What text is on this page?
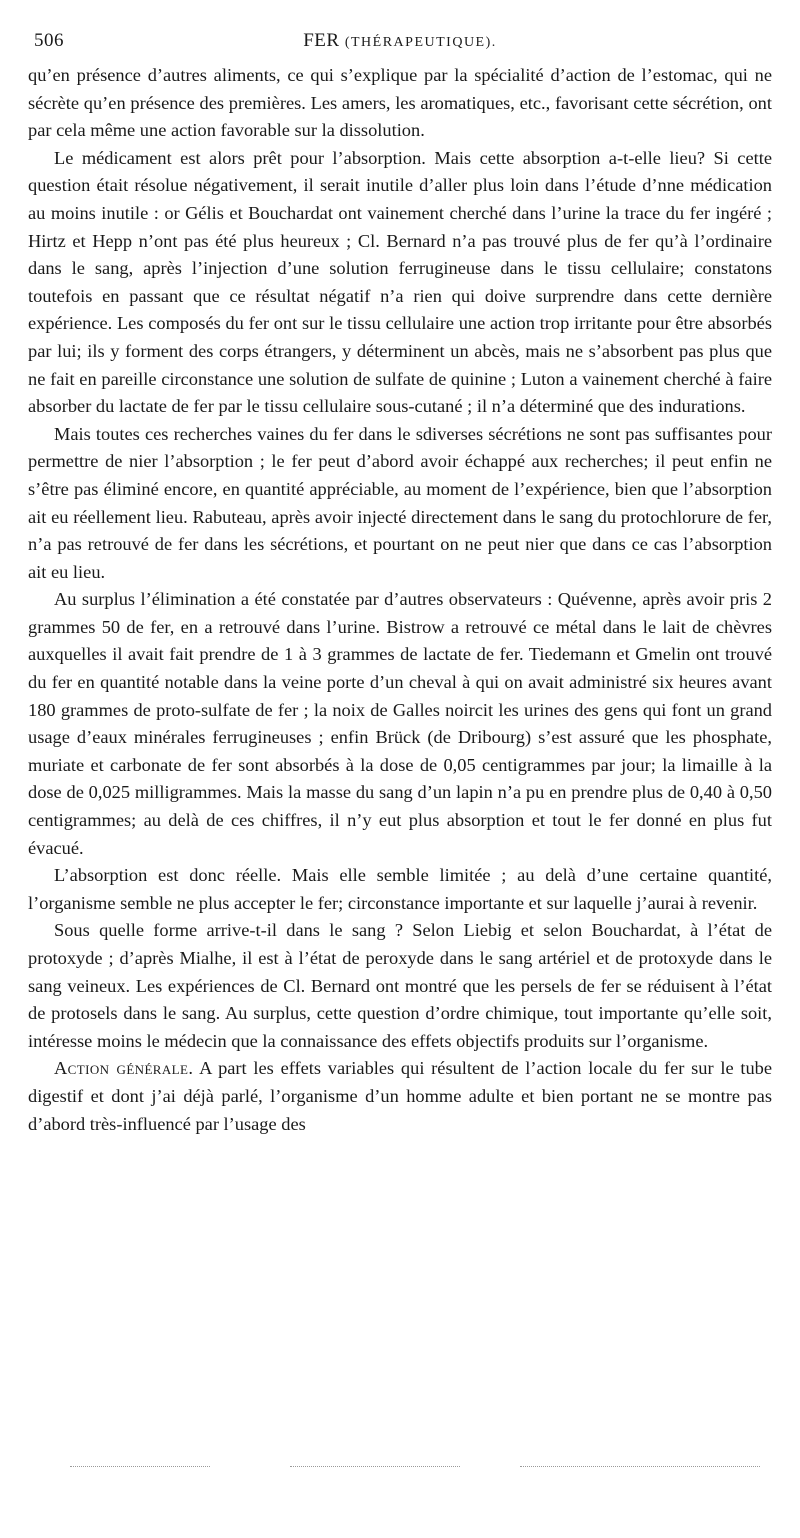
506	FER (THÉRAPEUTIQUE).

qu’en présence d’autres aliments, ce qui s’explique par la spécialité d’action de l’estomac, qui ne sécrète qu’en présence des premières. Les amers, les aromatiques, etc., favorisant cette sécrétion, ont par cela même une action favorable sur la dissolution.

Le médicament est alors prêt pour l’absorption. Mais cette absorption a-t-elle lieu? Si cette question était résolue négativement, il serait inutile d’aller plus loin dans l’étude d’nne médication au moins inutile : or Gélis et Bouchardat ont vainement cherché dans l’urine la trace du fer ingéré ; Hirtz et Hepp n’ont pas été plus heureux ; Cl. Bernard n’a pas trouvé plus de fer qu’à l’ordinaire dans le sang, après l’injection d’une solution ferrugineuse dans le tissu cellulaire; constatons toutefois en passant que ce résultat négatif n’a rien qui doive surprendre dans cette dernière expérience. Les composés du fer ont sur le tissu cellulaire une action trop irritante pour être absorbés par lui; ils y forment des corps étrangers, y déterminent un abcès, mais ne s’absorbent pas plus que ne fait en pareille circonstance une solution de sulfate de quinine ; Luton a vainement cherché à faire absorber du lactate de fer par le tissu cellulaire sous-cutané ; il n’a déterminé que des indurations.

Mais toutes ces recherches vaines du fer dans le sdiverses sécrétions ne sont pas suffisantes pour permettre de nier l’absorption ; le fer peut d’abord avoir échappé aux recherches; il peut enfin ne s’être pas éliminé encore, en quantité appréciable, au moment de l’expérience, bien que l’absorption ait eu réellement lieu. Rabuteau, après avoir injecté directement dans le sang du protochlorure de fer, n’a pas retrouvé de fer dans les sécrétions, et pourtant on ne peut nier que dans ce cas l’absorption ait eu lieu.

Au surplus l’élimination a été constatée par d’autres observateurs : Quévenne, après avoir pris 2 grammes 50 de fer, en a retrouvé dans l’urine. Bistrow a retrouvé ce métal dans le lait de chèvres auxquelles il avait fait prendre de 1 à 3 grammes de lactate de fer. Tiedemann et Gmelin ont trouvé du fer en quantité notable dans la veine porte d’un cheval à qui on avait administré six heures avant 180 grammes de proto-sulfate de fer ; la noix de Galles noircit les urines des gens qui font un grand usage d’eaux minérales ferrugineuses ; enfin Brück (de Dribourg) s’est assuré que les phosphate, muriate et carbonate de fer sont absorbés à la dose de 0,05 centigrammes par jour; la limaille à la dose de 0,025 milligrammes. Mais la masse du sang d’un lapin n’a pu en prendre plus de 0,40 à 0,50 centigrammes; au delà de ces chiffres, il n’y eut plus absorption et tout le fer donné en plus fut évacué.

L’absorption est donc réelle. Mais elle semble limitée ; au delà d’une certaine quantité, l’organisme semble ne plus accepter le fer; circonstance importante et sur laquelle j’aurai à revenir.

Sous quelle forme arrive-t-il dans le sang ? Selon Liebig et selon Bouchardat, à l’état de protoxyde ; d’après Mialhe, il est à l’état de peroxyde dans le sang artériel et de protoxyde dans le sang veineux. Les expériences de Cl. Bernard ont montré que les persels de fer se réduisent à l’état de protosels dans le sang. Au surplus, cette question d’ordre chimique, tout importante qu’elle soit, intéresse moins le médecin que la connaissance des effets objectifs produits sur l’organisme.

Action générale. A part les effets variables qui résultent de l’action locale du fer sur le tube digestif et dont j’ai déjà parlé, l’organisme d’un homme adulte et bien portant ne se montre pas d’abord très-influencé par l’usage des
